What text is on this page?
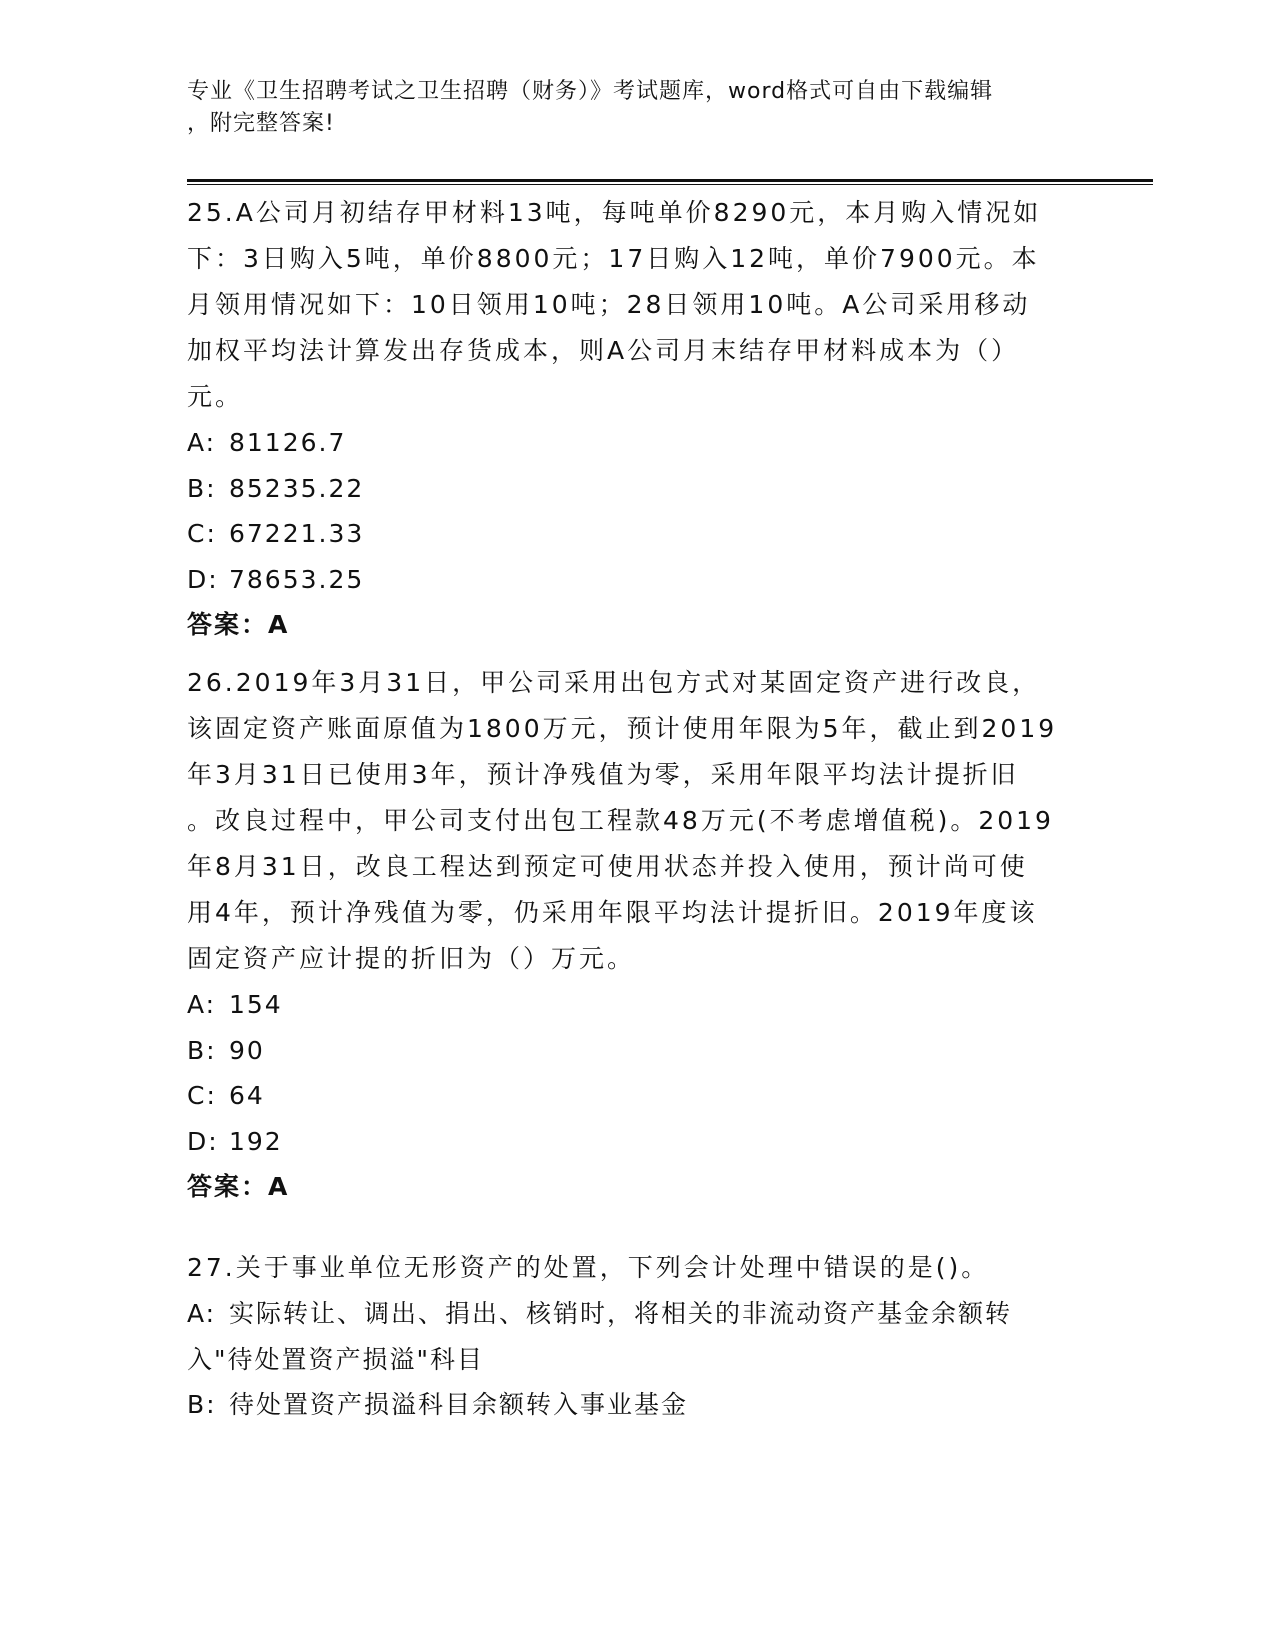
专业《卫生招聘考试之卫生招聘（财务）》考试题库，word格式可自由下载编辑
，附完整答案!

25.A公司月初结存甲材料13吨，每吨单价8290元，本月购入情况如

下：3日购入5吨，单价8800元；17日购入12吨，单价7900元。本

月领用情况如下：10日领用10吨；28日领用10吨。A公司采用移动

加权平均法计算发出存货成本，则A公司月末结存甲材料成本为（）

元。

A: 81126.7

B: 85235.22

C: 67221.33

D: 78653.25

答案：A

26.2019年3月31日，甲公司采用出包方式对某固定资产进行改良，

该固定资产账面原值为1800万元，预计使用年限为5年，截止到2019

年3月31日已使用3年，预计净残值为零，采用年限平均法计提折旧

。改良过程中，甲公司支付出包工程款48万元(不考虑增值税)。2019

年8月31日，改良工程达到预定可使用状态并投入使用，预计尚可使

用4年，预计净残值为零，仍采用年限平均法计提折旧。2019年度该

固定资产应计提的折旧为（）万元。

A: 154

B: 90

C: 64

D: 192

答案：A

27.关于事业单位无形资产的处置，下列会计处理中错误的是()。

A: 实际转让、调出、捐出、核销时，将相关的非流动资产基金余额转

入"待处置资产损溢"科目

B: 待处置资产损溢科目余额转入事业基金
